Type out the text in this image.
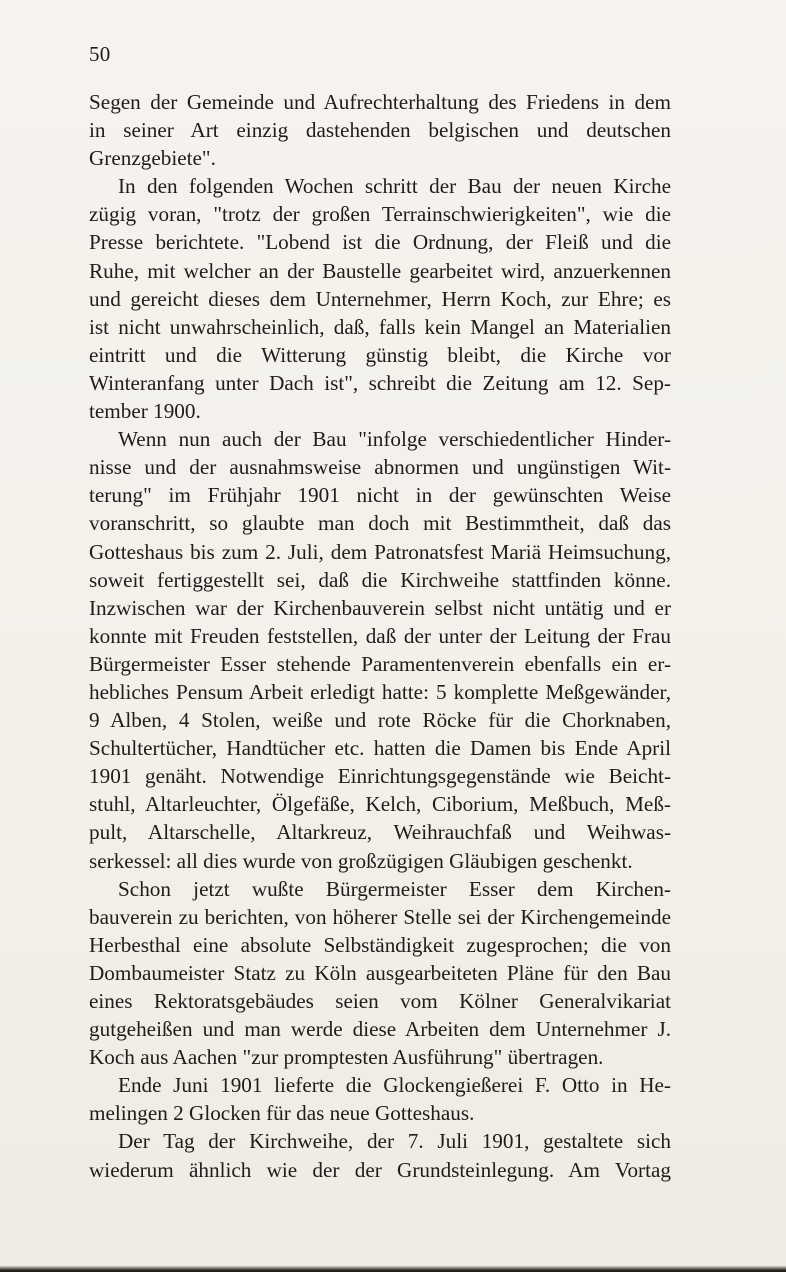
50
Segen der Gemeinde und Aufrechterhaltung des Friedens in dem
in seiner Art einzig dastehenden belgischen und deutschen
Grenzgebiete".
In den folgenden Wochen schritt der Bau der neuen Kirche
zügig voran, "trotz der großen Terrainschwierigkeiten", wie die
Presse berichtete. "Lobend ist die Ordnung, der Fleiß und die
Ruhe, mit welcher an der Baustelle gearbeitet wird, anzuerkennen
und gereicht dieses dem Unternehmer, Herrn Koch, zur Ehre; es
ist nicht unwahrscheinlich, daß, falls kein Mangel an Materialien
eintritt und die Witterung günstig bleibt, die Kirche vor
Winteranfang unter Dach ist", schreibt die Zeitung am 12. Sep-
tember 1900.
Wenn nun auch der Bau "infolge verschiedentlicher Hinder-
nisse und der ausnahmsweise abnormen und ungünstigen Wit-
terung" im Frühjahr 1901 nicht in der gewünschten Weise
voranschritt, so glaubte man doch mit Bestimmtheit, daß das
Gotteshaus bis zum 2. Juli, dem Patronatsfest Mariä Heimsuchung,
soweit fertiggestellt sei, daß die Kirchweihe stattfinden könne.
Inzwischen war der Kirchenbauverein selbst nicht untätig und er
konnte mit Freuden feststellen, daß der unter der Leitung der Frau
Bürgermeister Esser stehende Paramentenverein ebenfalls ein er-
hebliches Pensum Arbeit erledigt hatte: 5 komplette Meßgewänder,
9 Alben, 4 Stolen, weiße und rote Röcke für die Chorknaben,
Schultertücher, Handtücher etc. hatten die Damen bis Ende April
1901 genäht. Notwendige Einrichtungsgegenstände wie Beicht-
stuhl, Altarleuchter, Ölgefäße, Kelch, Ciborium, Meßbuch, Meß-
pult, Altarschelle, Altarkreuz, Weihrauchfaß und Weihwas-
serkessel: all dies wurde von großzügigen Gläubigen geschenkt.
Schon jetzt wußte Bürgermeister Esser dem Kirchen-
bauverein zu berichten, von höherer Stelle sei der Kirchengemeinde
Herbesthal eine absolute Selbständigkeit zugesprochen; die von
Dombaumeister Statz zu Köln ausgearbeiteten Pläne für den Bau
eines Rektoratsgebäudes seien vom Kölner Generalvikariat
gutgeheißen und man werde diese Arbeiten dem Unternehmer J.
Koch aus Aachen "zur promptesten Ausführung" übertragen.
Ende Juni 1901 lieferte die Glockengießerei F. Otto in He-
melingen 2 Glocken für das neue Gotteshaus.
Der Tag der Kirchweihe, der 7. Juli 1901, gestaltete sich
wiederum ähnlich wie der der Grundsteinlegung. Am Vortag
